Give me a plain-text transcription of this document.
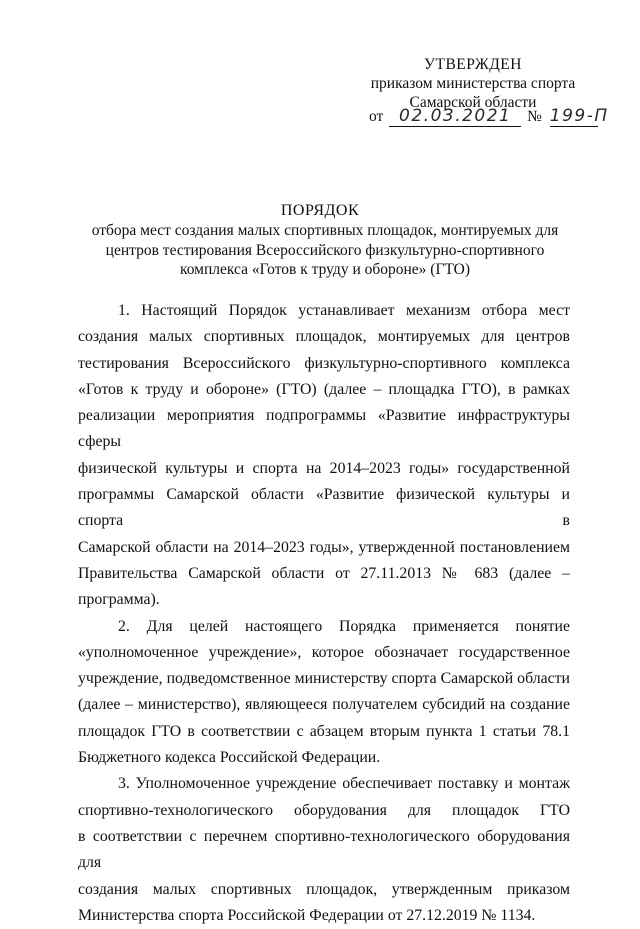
УТВЕРЖДЕН
приказом министерства спорта
Самарской области
от 02.03.2021 № 199-П
ПОРЯДОК
отбора мест создания малых спортивных площадок, монтируемых для
центров тестирования Всероссийского физкультурно-спортивного
комплекса «Готов к труду и обороне» (ГТО)
1. Настоящий Порядок устанавливает механизм отбора мест
создания малых спортивных площадок, монтируемых для центров
тестирования Всероссийского физкультурно-спортивного комплекса
«Готов к труду и обороне» (ГТО) (далее – площадка ГТО), в рамках
реализации мероприятия подпрограммы «Развитие инфраструктуры сферы
физической культуры и спорта на 2014–2023 годы» государственной
программы Самарской области «Развитие физической культуры и спорта в
Самарской области на 2014–2023 годы», утвержденной постановлением
Правительства Самарской области от 27.11.2013 № 683 (далее –
программа).
2. Для целей настоящего Порядка применяется понятие
«уполномоченное учреждение», которое обозначает государственное
учреждение, подведомственное министерству спорта Самарской области
(далее – министерство), являющееся получателем субсидий на создание
площадок ГТО в соответствии с абзацем вторым пункта 1 статьи 78.1
Бюджетного кодекса Российской Федерации.
3. Уполномоченное учреждение обеспечивает поставку и монтаж
спортивно-технологического оборудования для площадок ГТО
в соответствии с перечнем спортивно-технологического оборудования для
создания малых спортивных площадок, утвержденным приказом
Министерства спорта Российской Федерации от 27.12.2019 № 1134.
